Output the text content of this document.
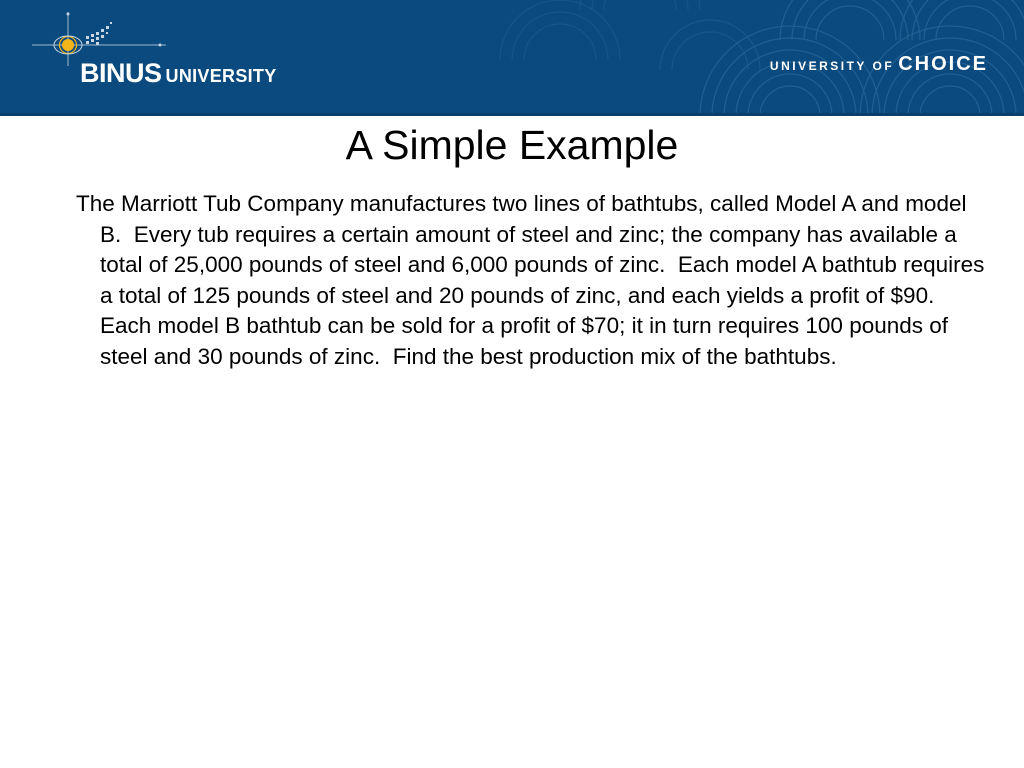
BINUS UNIVERSITY	UNIVERSITY OF CHOICE
A Simple Example
The Marriott Tub Company manufactures two lines of bathtubs, called Model A and model B.  Every tub requires a certain amount of steel and zinc; the company has available a total of 25,000 pounds of steel and 6,000 pounds of zinc.  Each model A bathtub requires a total of 125 pounds of steel and 20 pounds of zinc, and each yields a profit of $90.  Each model B bathtub can be sold for a profit of $70; it in turn requires 100 pounds of steel and 30 pounds of zinc.  Find the best production mix of the bathtubs.
